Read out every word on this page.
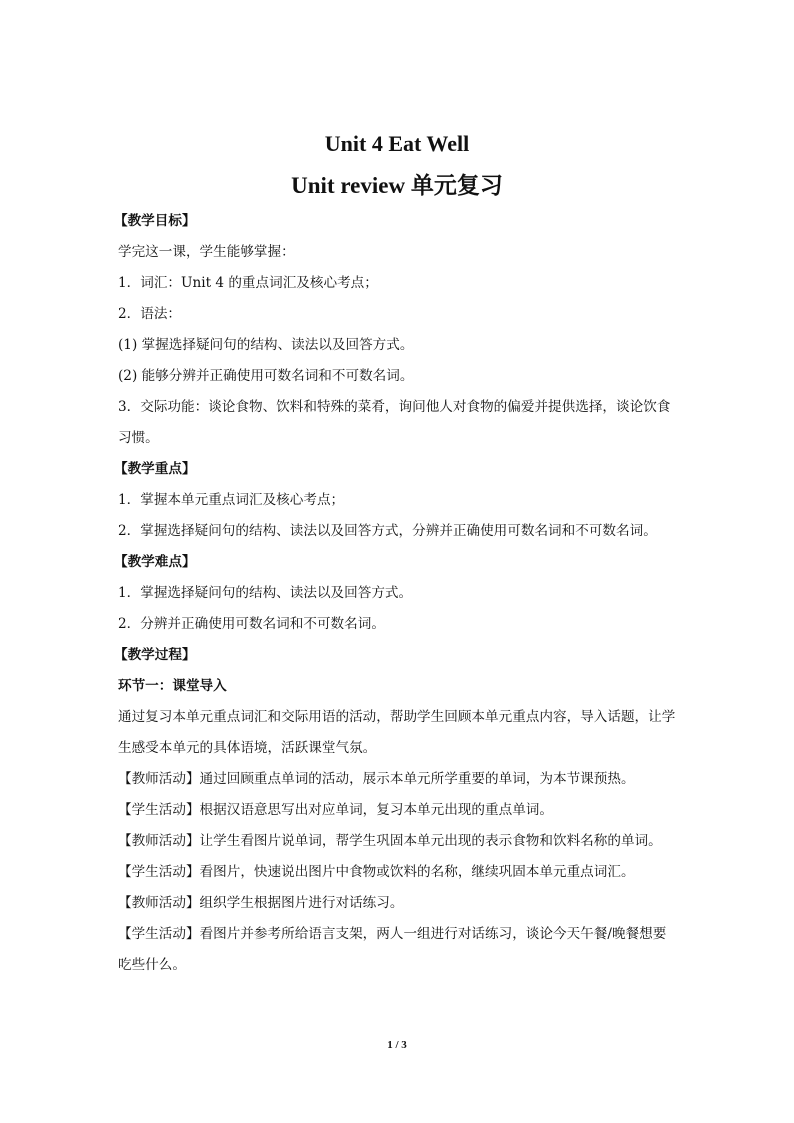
Unit 4 Eat Well
Unit review 单元复习

【教学目标】

学完这一课，学生能够掌握：

1．词汇：Unit 4 的重点词汇及核心考点；

2．语法：

(1) 掌握选择疑问句的结构、读法以及回答方式。

(2) 能够分辨并正确使用可数名词和不可数名词。

3．交际功能：谈论食物、饮料和特殊的菜肴，询问他人对食物的偏爱并提供选择，谈论饮食习惯。

【教学重点】

1．掌握本单元重点词汇及核心考点；

2．掌握选择疑问句的结构、读法以及回答方式，分辨并正确使用可数名词和不可数名词。

【教学难点】

1．掌握选择疑问句的结构、读法以及回答方式。

2．分辨并正确使用可数名词和不可数名词。

【教学过程】

环节一：课堂导入

通过复习本单元重点词汇和交际用语的活动，帮助学生回顾本单元重点内容，导入话题，让学生感受本单元的具体语境，活跃课堂气氛。

【教师活动】通过回顾重点单词的活动，展示本单元所学重要的单词，为本节课预热。

【学生活动】根据汉语意思写出对应单词，复习本单元出现的重点单词。

【教师活动】让学生看图片说单词，帮学生巩固本单元出现的表示食物和饮料名称的单词。

【学生活动】看图片，快速说出图片中食物或饮料的名称，继续巩固本单元重点词汇。

【教师活动】组织学生根据图片进行对话练习。

【学生活动】看图片并参考所给语言支架，两人一组进行对话练习，谈论今天午餐/晚餐想要吃些什么。

1 / 3
